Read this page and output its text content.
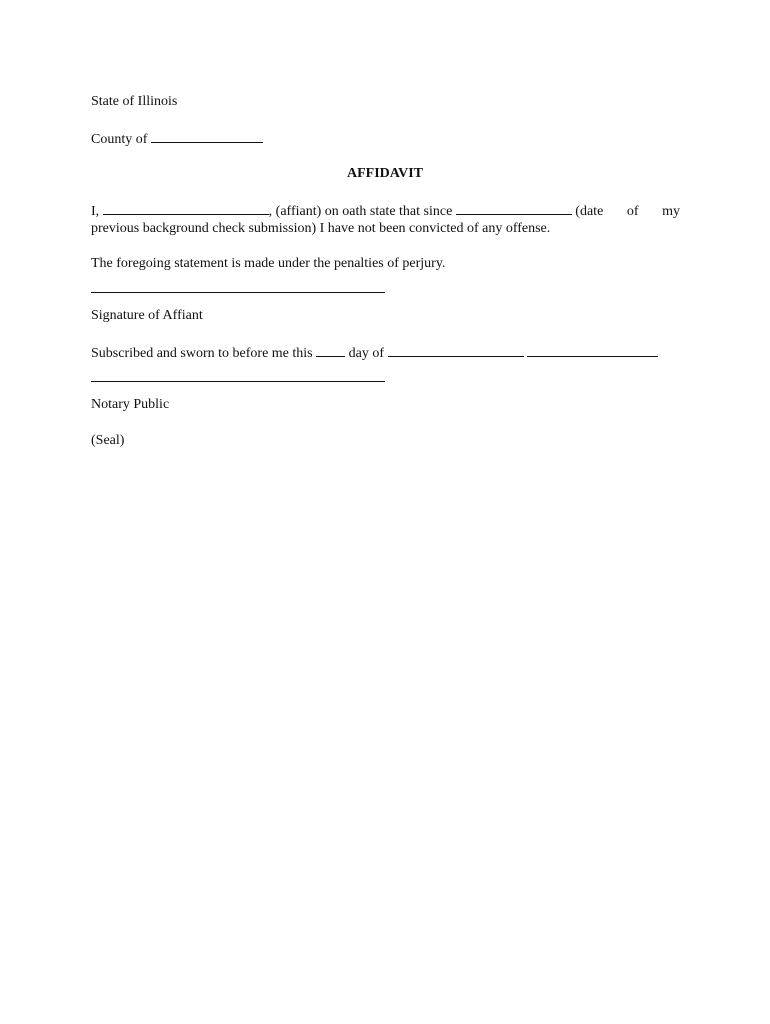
State of Illinois
County of
AFFIDAVIT
I,	, (affiant) on oath state that since	(date of my
previous background check submission) I have not been convicted of any offense.
The foregoing statement is made under the penalties of perjury.
Signature of Affiant
Subscribed and sworn to before me this	day of
Notary Public
(Seal)
